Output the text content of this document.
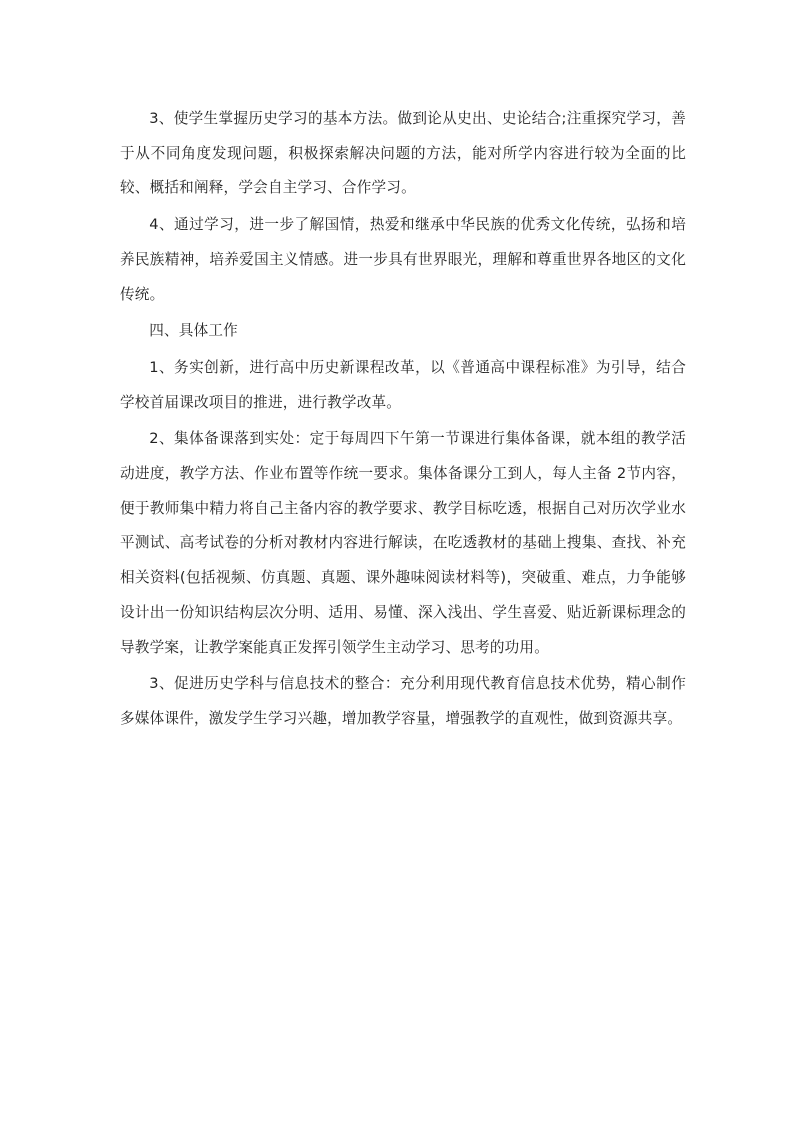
3、使学生掌握历史学习的基本方法。做到论从史出、史论结合;注重探究学习，善于从不同角度发现问题，积极探索解决问题的方法，能对所学内容进行较为全面的比较、概括和阐释，学会自主学习、合作学习。

4、通过学习，进一步了解国情，热爱和继承中华民族的优秀文化传统，弘扬和培养民族精神，培养爱国主义情感。进一步具有世界眼光，理解和尊重世界各地区的文化传统。

四、具体工作

1、务实创新，进行高中历史新课程改革，以《普通高中课程标准》为引导，结合学校首届课改项目的推进，进行教学改革。

2、集体备课落到实处：定于每周四下午第一节课进行集体备课，就本组的教学活动进度，教学方法、作业布置等作统一要求。集体备课分工到人，每人主备 2节内容，便于教师集中精力将自己主备内容的教学要求、教学目标吃透，根据自己对历次学业水平测试、高考试卷的分析对教材内容进行解读，在吃透教材的基础上搜集、查找、补充相关资料(包括视频、仿真题、真题、课外趣味阅读材料等)，突破重、难点，力争能够设计出一份知识结构层次分明、适用、易懂、深入浅出、学生喜爱、贴近新课标理念的导教学案，让教学案能真正发挥引领学生主动学习、思考的功用。

3、促进历史学科与信息技术的整合：充分利用现代教育信息技术优势，精心制作多媒体课件，激发学生学习兴趣，增加教学容量，增强教学的直观性，做到资源共享。
